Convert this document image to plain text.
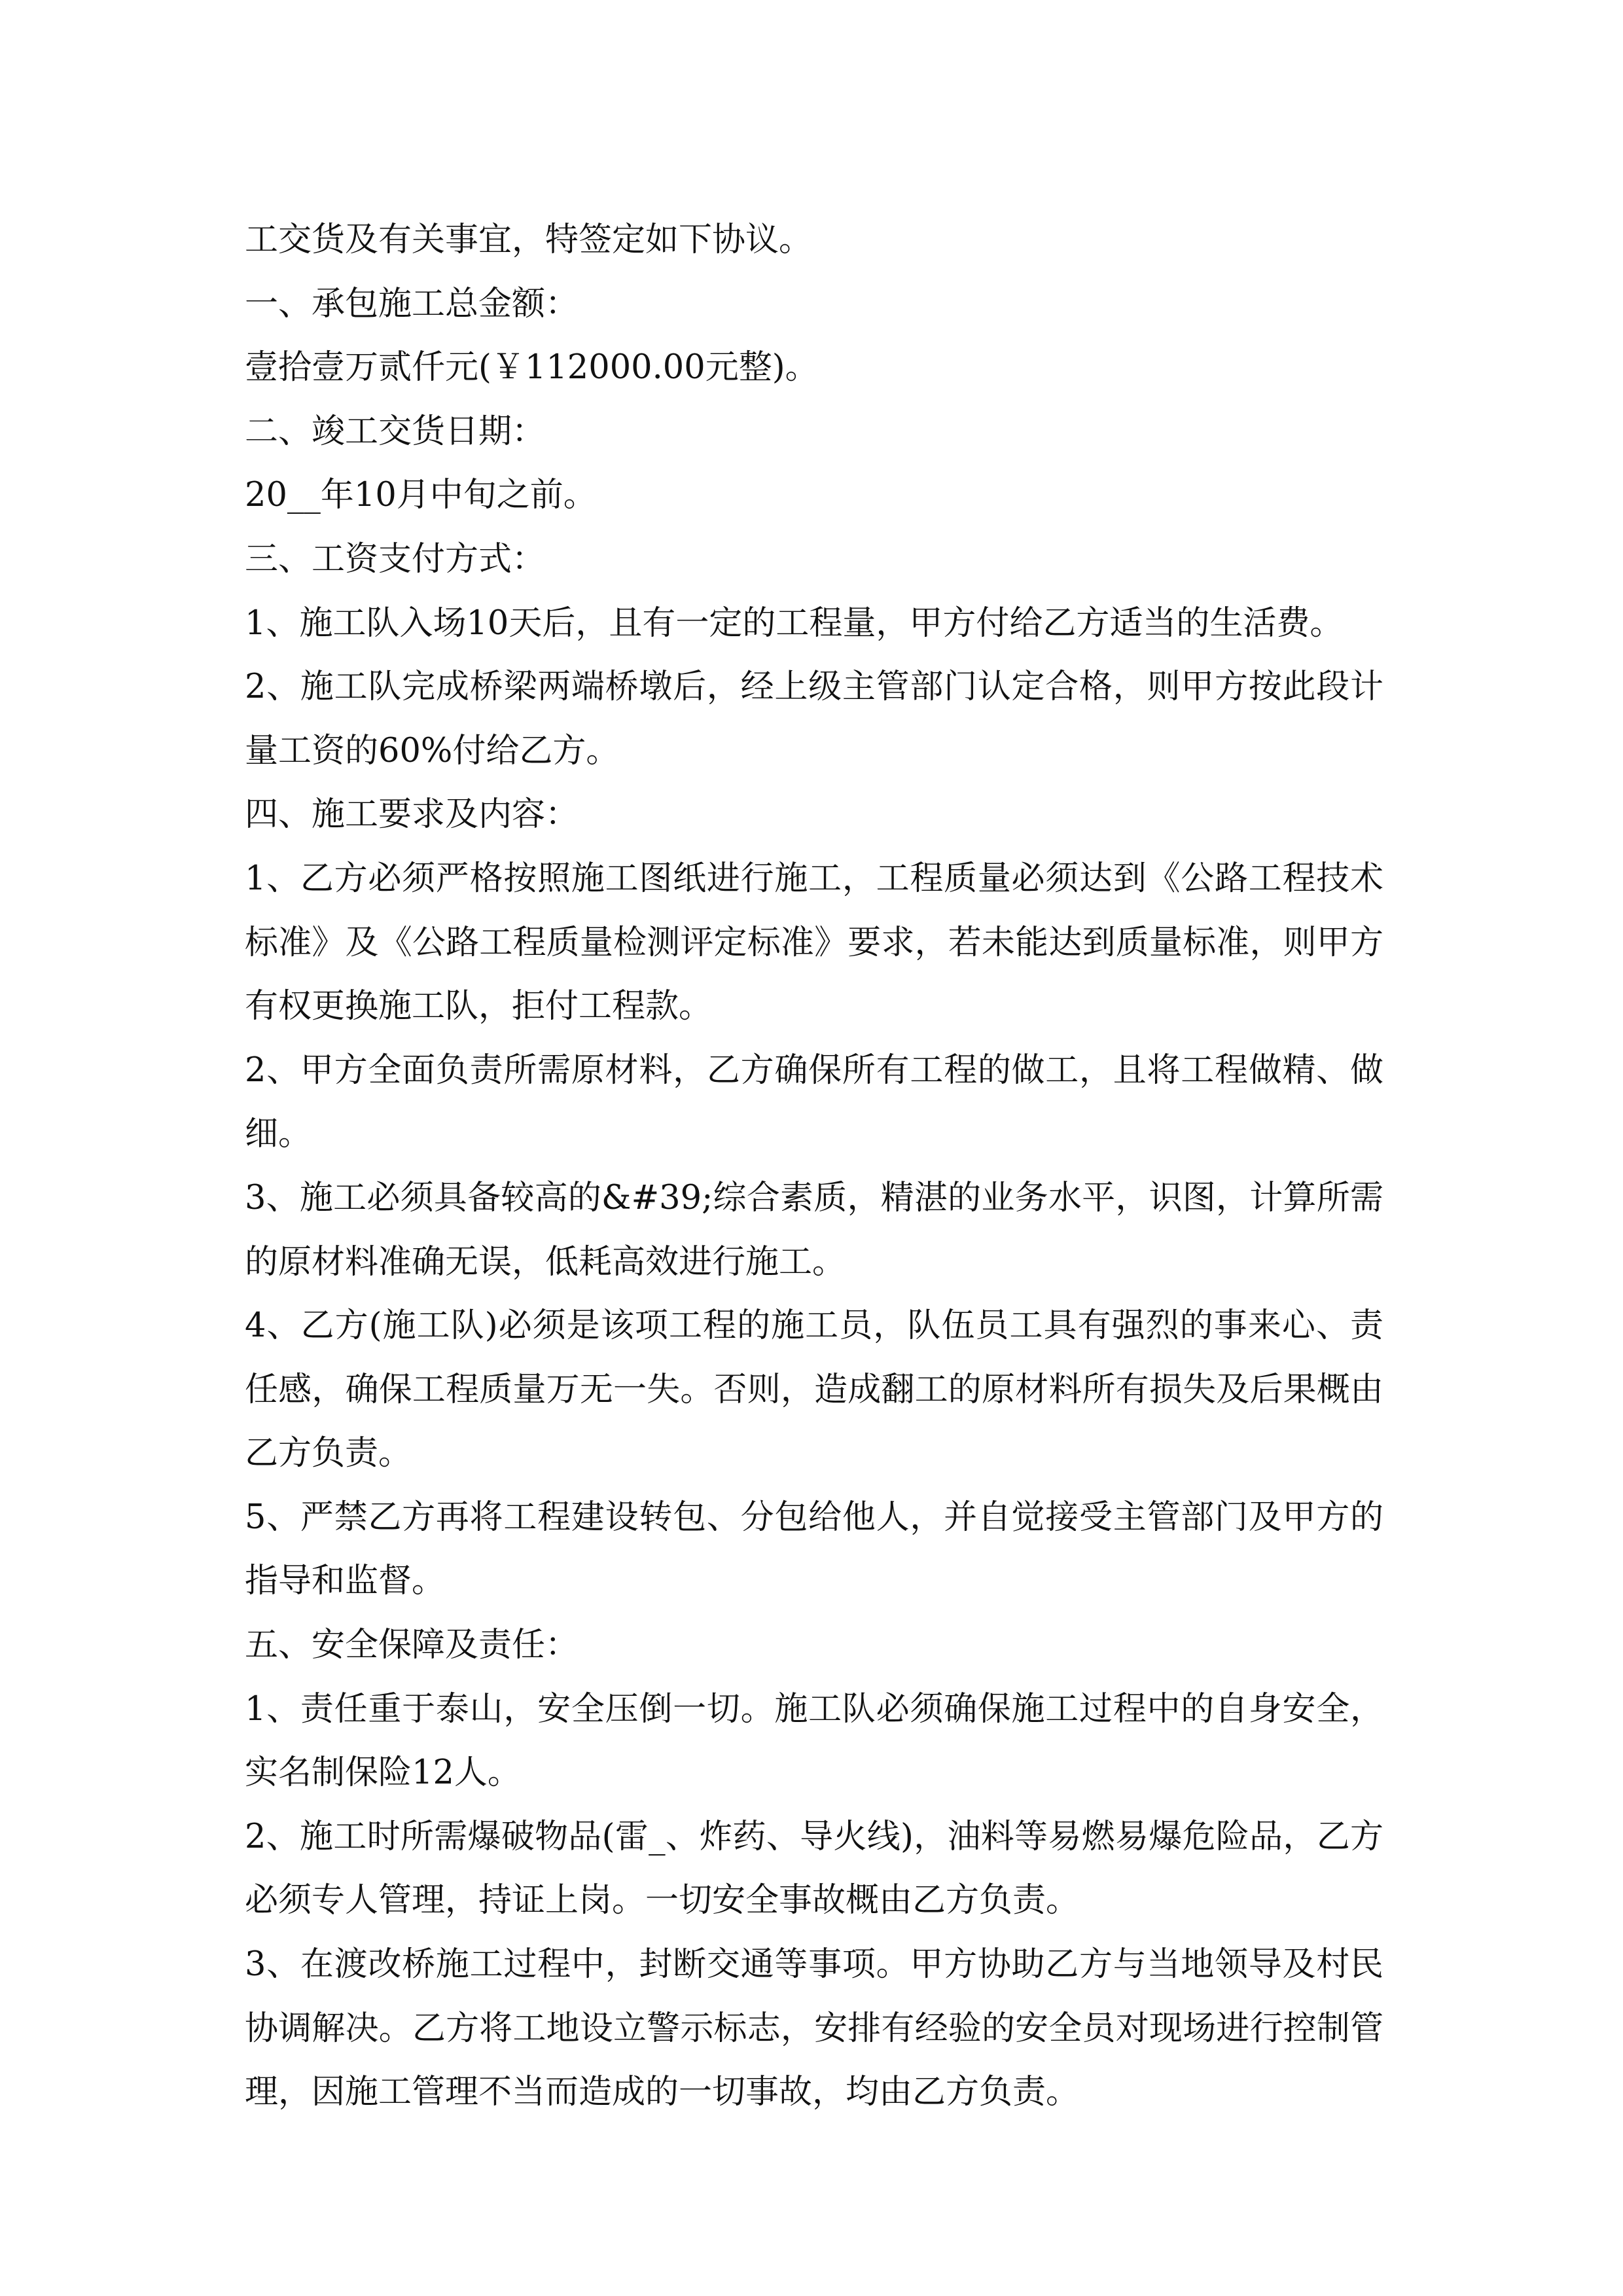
工交货及有关事宜，特签定如下协议。

一、承包施工总金额：

壹拾壹万贰仟元(￥112000.00元整)。

二、竣工交货日期：

20__年10月中旬之前。

三、工资支付方式：

1、施工队入场10天后，且有一定的工程量，甲方付给乙方适当的生活费。

2、施工队完成桥梁两端桥墩后，经上级主管部门认定合格，则甲方按此段计量工资的60%付给乙方。

四、施工要求及内容：

1、乙方必须严格按照施工图纸进行施工，工程质量必须达到《公路工程技术标准》及《公路工程质量检测评定标准》要求，若未能达到质量标准，则甲方有权更换施工队，拒付工程款。

2、甲方全面负责所需原材料，乙方确保所有工程的做工，且将工程做精、做细。

3、施工必须具备较高的&#39;综合素质，精湛的业务水平，识图，计算所需的原材料准确无误，低耗高效进行施工。

4、乙方(施工队)必须是该项工程的施工员，队伍员工具有强烈的事来心、责任感，确保工程质量万无一失。否则，造成翻工的原材料所有损失及后果概由乙方负责。

5、严禁乙方再将工程建设转包、分包给他人，并自觉接受主管部门及甲方的指导和监督。

五、安全保障及责任：

1、责任重于泰山，安全压倒一切。施工队必须确保施工过程中的自身安全，实名制保险12人。

2、施工时所需爆破物品(雷_、炸药、导火线)，油料等易燃易爆危险品，乙方必须专人管理，持证上岗。一切安全事故概由乙方负责。

3、在渡改桥施工过程中，封断交通等事项。甲方协助乙方与当地领导及村民协调解决。乙方将工地设立警示标志，安排有经验的安全员对现场进行控制管理，因施工管理不当而造成的一切事故，均由乙方负责。
